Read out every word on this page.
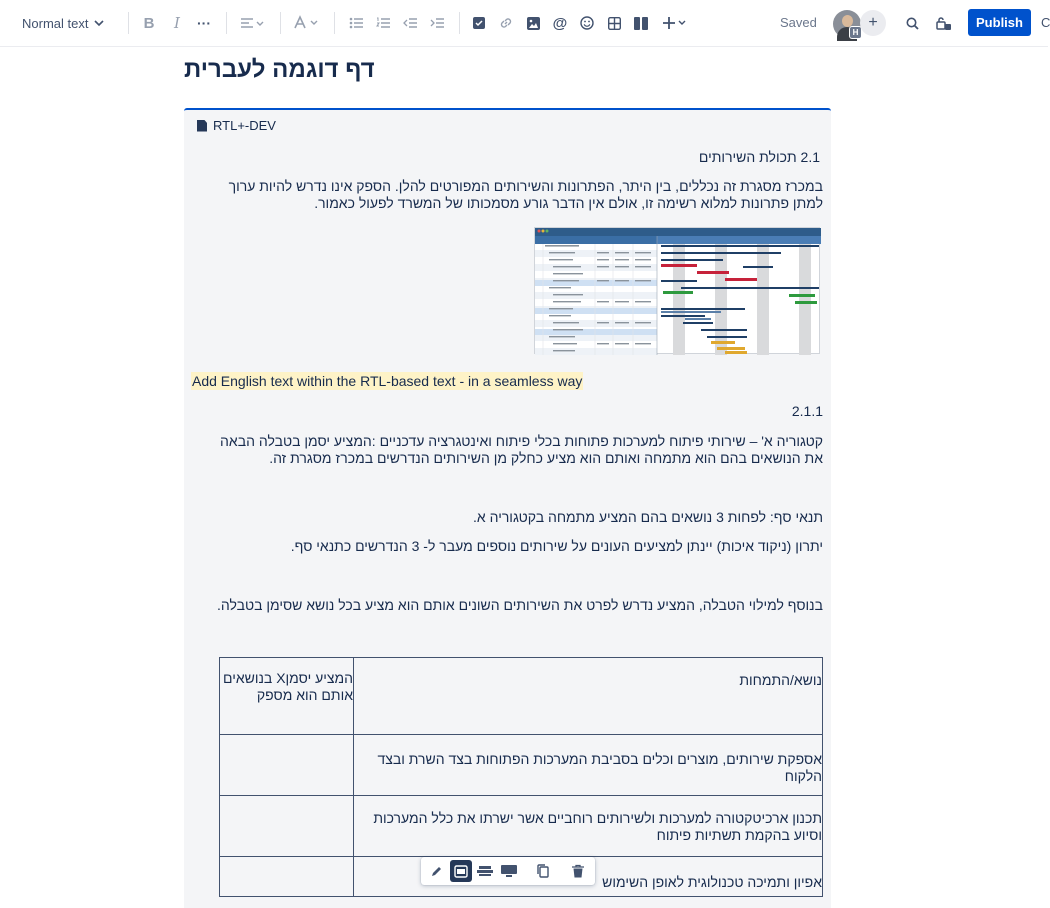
Normal text	B	I	···	@	Saved
H
+	Publish	C
דף דוגמה לעברית
RTL+-DEV
2.1 תכולת השירותים
במכרז מסגרת זה נכללים, בין היתר, הפתרונות והשירותים המפורטים להלן. הספק אינו נדרש להיות ערוך
למתן פתרונות למלוא רשימה זו, אולם אין הדבר גורע מסמכותו של המשרד לפעול כאמור.
Add English text within the RTL-based text - in a seamless way
2.1.1
קטגוריה א' – שירותי פיתוח למערכות פתוחות בכלי פיתוח ואינטגרציה עדכניים :המציע יסמן בטבלה הבאה
את הנושאים בהם הוא מתמחה ואותם הוא מציע כחלק מן השירותים הנדרשים במכרז מסגרת זה.
תנאי סף: לפחות 3 נושאים בהם המציע מתמחה בקטגוריה א.
יתרון (ניקוד איכות) יינתן למציעים העונים על שירותים נוספים מעבר ל- 3 הנדרשים כתנאי סף.
בנוסף למילוי הטבלה, המציע נדרש לפרט את השירותים השונים אותם הוא מציע בכל נושא שסימן בטבלה.
המציע יסמןX בנושאים אותם הוא מספק	נושא/התמחות

	אספקת שירותים, מוצרים וכלים בסביבת המערכות הפתוחות בצד השרת ובצד הלקוח

	תכנון ארכיטקטורה למערכות ולשירותים רוחביים אשר ישרתו את כלל המערכות וסיוע בהקמת תשתיות פיתוח

	אפיון ותמיכה טכנולוגית לאופן השימוש
